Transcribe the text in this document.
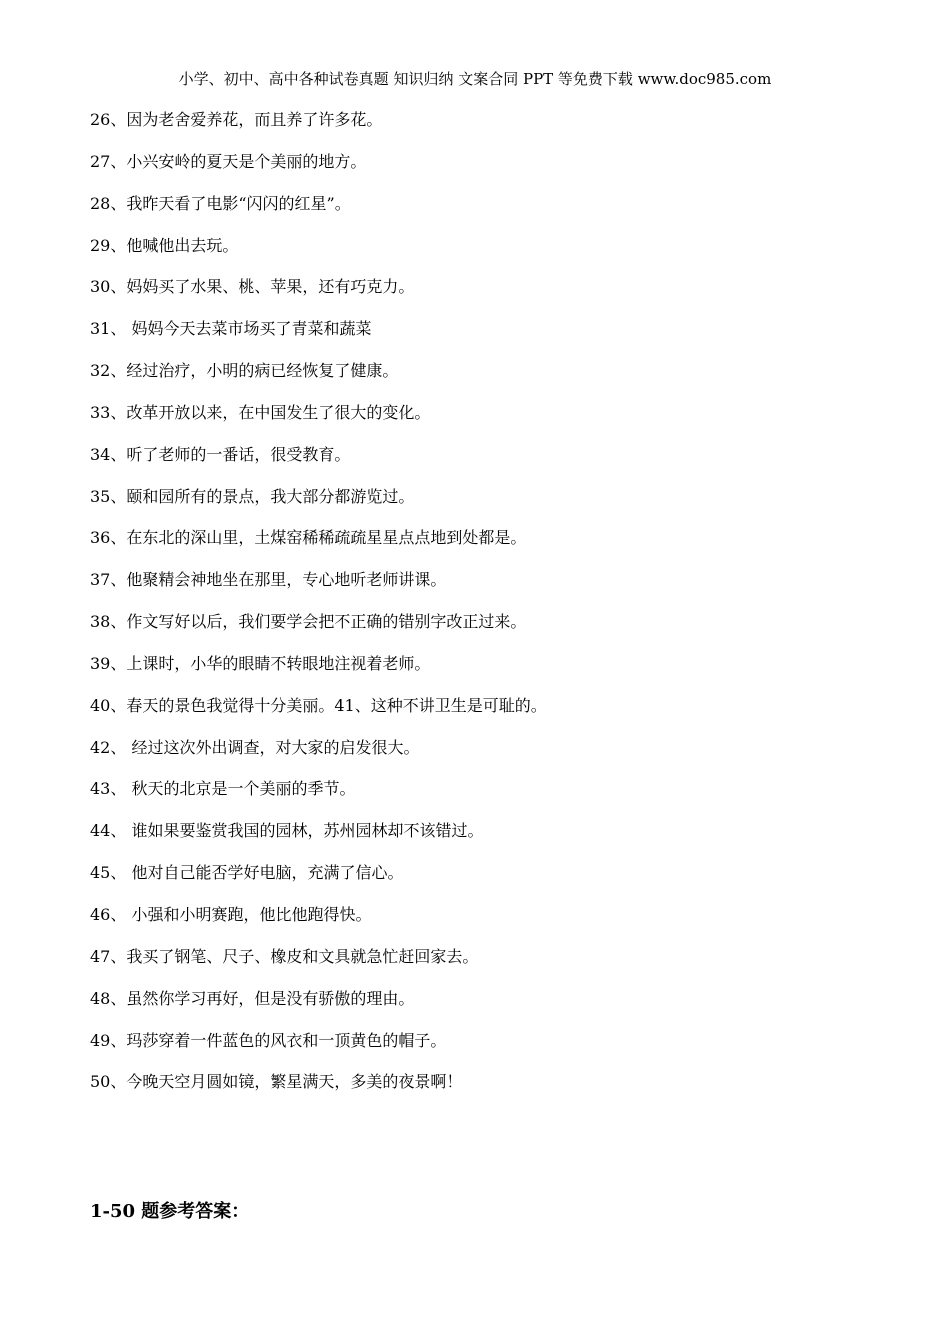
小学、初中、高中各种试卷真题 知识归纳 文案合同 PPT 等免费下载 www.doc985.com
26、因为老舍爱养花，而且养了许多花。
27、小兴安岭的夏天是个美丽的地方。
28、我昨天看了电影“闪闪的红星”。
29、他喊他出去玩。
30、妈妈买了水果、桃、苹果，还有巧克力。
31、 妈妈今天去菜市场买了青菜和蔬菜
32、经过治疗，小明的病已经恢复了健康。
33、改革开放以来，在中国发生了很大的变化。
34、听了老师的一番话，很受教育。
35、颐和园所有的景点，我大部分都游览过。
36、在东北的深山里，土煤窑稀稀疏疏星星点点地到处都是。
37、他聚精会神地坐在那里，专心地听老师讲课。
38、作文写好以后，我们要学会把不正确的错别字改正过来。
39、上课时，小华的眼睛不转眼地注视着老师。
40、春天的景色我觉得十分美丽。41、这种不讲卫生是可耻的。
42、 经过这次外出调查，对大家的启发很大。
43、 秋天的北京是一个美丽的季节。
44、 谁如果要鉴赏我国的园林，苏州园林却不该错过。
45、 他对自己能否学好电脑，充满了信心。
46、 小强和小明赛跑，他比他跑得快。
47、我买了钢笔、尺子、橡皮和文具就急忙赶回家去。
48、虽然你学习再好，但是没有骄傲的理由。
49、玛莎穿着一件蓝色的风衣和一顶黄色的帽子。
50、今晚天空月圆如镜，繁星满天，多美的夜景啊！
1-50 题参考答案：
